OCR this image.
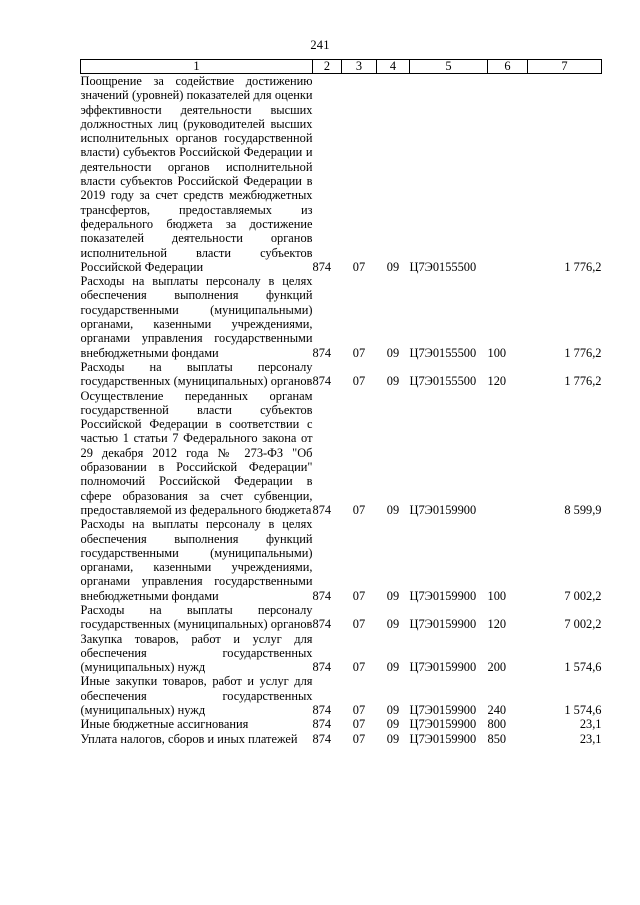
241
1	2	3	4	5	6	7
Поощрение за содействие достижению значений (уровней) показателей для оценки эффективности деятельности высших должностных лиц (руководителей высших исполнительных органов государственной власти) субъектов Российской Федерации и деятельности органов исполнительной власти субъектов Российской Федерации в 2019 году за счет средств межбюджетных трансфертов, предоставляемых из федерального бюджета за достижение показателей деятельности органов исполнительной власти субъектов Российской Федерации	874	07	09	Ц7Э0155500		1 776,2
Расходы на выплаты персоналу в целях обеспечения выполнения функций государственными (муниципальными) органами, казенными учреждениями, органами управления государственными внебюджетными фондами	874	07	09	Ц7Э0155500	100	1 776,2
Расходы на выплаты персоналу государственных (муниципальных) органов	874	07	09	Ц7Э0155500	120	1 776,2
Осуществление переданных органам государственной власти субъектов Российской Федерации в соответствии с частью 1 статьи 7 Федерального закона от 29 декабря 2012 года № 273-ФЗ "Об образовании в Российской Федерации" полномочий Российской Федерации в сфере образования за счет субвенции, предоставляемой из федерального бюджета	874	07	09	Ц7Э0159900		8 599,9
Расходы на выплаты персоналу в целях обеспечения выполнения функций государственными (муниципальными) органами, казенными учреждениями, органами управления государственными внебюджетными фондами	874	07	09	Ц7Э0159900	100	7 002,2
Расходы на выплаты персоналу государственных (муниципальных) органов	874	07	09	Ц7Э0159900	120	7 002,2
Закупка товаров, работ и услуг для обеспечения государственных (муниципальных) нужд	874	07	09	Ц7Э0159900	200	1 574,6
Иные закупки товаров, работ и услуг для обеспечения государственных (муниципальных) нужд	874	07	09	Ц7Э0159900	240	1 574,6
Иные бюджетные ассигнования	874	07	09	Ц7Э0159900	800	23,1
Уплата налогов, сборов и иных платежей	874	07	09	Ц7Э0159900	850	23,1
